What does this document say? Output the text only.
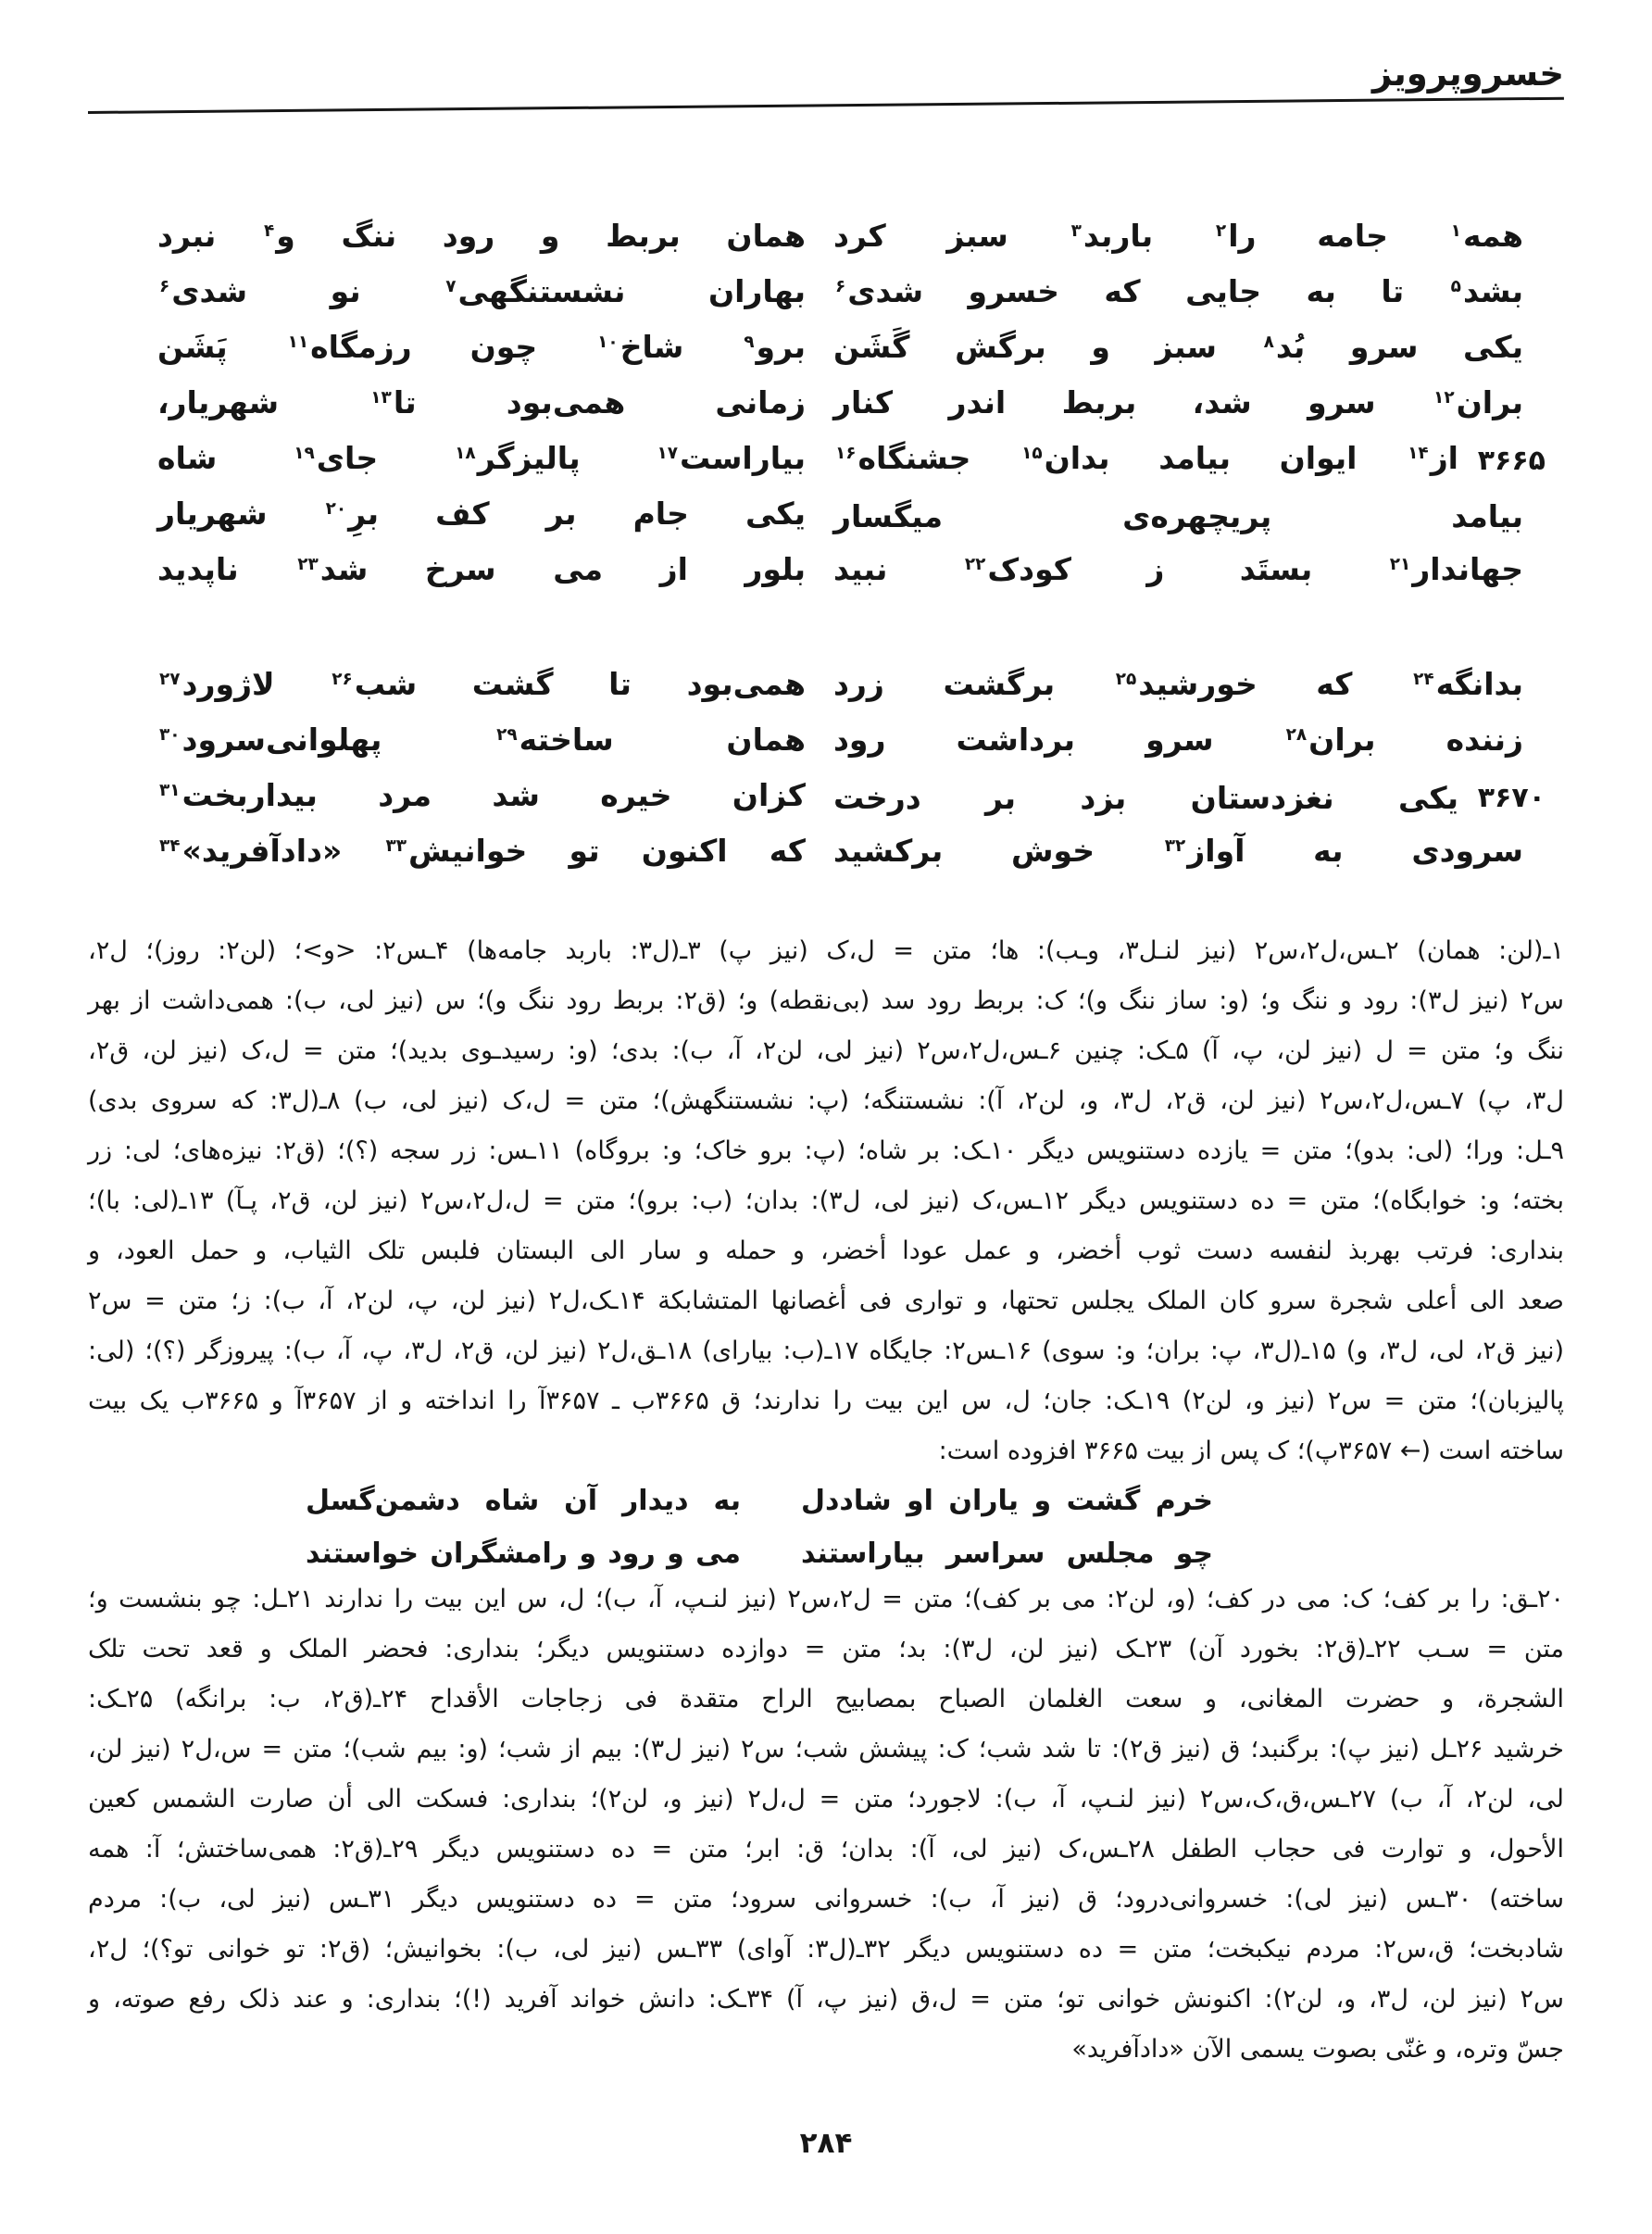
خسروپرویز
همه$^۱$ جامه را$^۲$ باربد$^۳$ سبز کرد
همان بربط و رود ننگ و$^۴$ نبرد
بشد$^۵$ تا به جایی که خسرو شدی$^۶$
بهاران نشستنگهی$^۷$ نو شدی$^۶$
یکی سرو بُد$^۸$ سبز و برگش گَشَن
برو$^۹$ شاخ$^{۱۰}$ چون رزمگاه$^{۱۱}$ پَشَن
بران$^{۱۲}$ سرو شد، بربط اندر کنار
زمانی همی‌بود تا$^{۱۳}$ شهریار،
۳۶۶۵
از$^{۱۴}$ ایوان بیامد بدان$^{۱۵}$ جشنگاه$^{۱۶}$
بیاراست$^{۱۷}$ پالیزگر$^{۱۸}$ جای$^{۱۹}$ شاه
بیامد پریچهره‌ی میگسار
یکی جام بر کف برِ$^{۲۰}$ شهریار
جهاندار$^{۲۱}$ بستَد ز کودک$^{۲۲}$ نبید
بلور از می سرخ شد$^{۲۳}$ ناپدید
بدانگه$^{۲۴}$ که خورشید$^{۲۵}$ برگشت زرد
همی‌بود تا گشت شب$^{۲۶}$ لاژورد$^{۲۷}$
زننده بران$^{۲۸}$ سرو برداشت رود
همان ساخته$^{۲۹}$ پهلوانی‌سرود$^{۳۰}$
۳۶۷۰
یکی نغزدستان بزد بر درخت
کزان خیره شد مرد بیداربخت$^{۳۱}$
سرودی به آواز$^{۳۲}$ خوش برکشید
که اکنون تو خوانیش$^{۳۳}$ «دادآفرید»$^{۳۴}$
۱ـ(لن: همان) ۲ـس،ل۲،س۲ (نیز لنـل۳، وـب): ها؛ متن = ل،ک (نیز پ) ۳ـ(ل۳: باربد جامه‌ها) ۴ـس۲: <و>؛ (لن۲: روز)؛ ل۲،
س۲ (نیز ل۳): رود و ننگ و؛ (و: ساز ننگ و)؛ ک: بربط رود سد (بی‌نقطه) و؛ (ق۲: بربط رود ننگ و)؛ س (نیز لی، ب): همی‌داشت از بهر
ننگ و؛ متن = ل (نیز لن، پ، آ) ۵ـک: چنین ۶ـس،ل۲،س۲ (نیز لی، لن۲، آ، ب): بدی؛ (و: رسیدـوی بدید)؛ متن = ل،ک (نیز لن، ق۲،
ل۳، پ) ۷ـس،ل۲،س۲ (نیز لن، ق۲، ل۳، و، لن۲، آ): نشستنگه؛ (پ: نشستنگهش)؛ متن = ل،ک (نیز لی، ب) ۸ـ(ل۳: که سروی بدی)
۹ـل: ورا؛ (لی: بدو)؛ متن = یازده دستنویس دیگر ۱۰ـک: بر شاه؛ (پ: برو خاک؛ و: بروگاه) ۱۱ـس: زر سجه (؟)؛ (ق۲: نیزه‌های؛ لی: زر
بخته؛ و: خوابگاه)؛ متن = ده دستنویس دیگر ۱۲ـس،ک (نیز لی، ل۳): بدان؛ (ب: برو)؛ متن = ل،ل۲،س۲ (نیز لن، ق۲، پـآ) ۱۳ـ(لی: با)؛
بنداری: فرتب بهربذ لنفسه دست ثوب أخضر، و عمل عودا أخضر، و حمله و سار الی البستان فلبس تلک الثیاب، و حمل العود، و
صعد الی أعلی شجرة سرو کان الملک یجلس تحتها، و تواری فی أغصانها المتشابکة ۱۴ـک،ل۲ (نیز لن، پ، لن۲، آ، ب): ز؛ متن = س۲
(نیز ق۲، لی، ل۳، و) ۱۵ـ(ل۳، پ: بران؛ و: سوی) ۱۶ـس۲: جایگاه ۱۷ـ(ب: بیارای) ۱۸ـق،ل۲ (نیز لن، ق۲، ل۳، پ، آ، ب): پیروزگر (؟)؛ (لی:
پالیزبان)؛ متن = س۲ (نیز و، لن۲) ۱۹ـک: جان؛ ل، س این بیت را ندارند؛ ق ۳۶۶۵ب ـ ۳۶۵۷آ را انداخته و از ۳۶۵۷آ و ۳۶۶۵ب یک بیت
ساخته است (← ۳۶۵۷پ)؛ ک پس از بیت ۳۶۶۵ افزوده است:
خرم گشت و یاران او شاددل
به دیدار آن شاه دشمن‌گسل
چو مجلس سراسر بیاراستند
می و رود و رامشگران خواستند
۲۰ـق: را بر کف؛ ک: می در کف؛ (و، لن۲: می بر کف)؛ متن = ل۲،س۲ (نیز لنـپ، آ، ب)؛ ل، س این بیت را ندارند ۲۱ـل: چو بنشست و؛
متن = سـب ۲۲ـ(ق۲: بخورد آن) ۲۳ـک (نیز لن، ل۳): بد؛ متن = دوازده دستنویس دیگر؛ بنداری: فحضر الملک و قعد تحت تلک
الشجرة، و حضرت المغانی، و سعت الغلمان الصباح بمصابیح الراح متقدة فی زجاجات الأقداح ۲۴ـ(ق۲، ب: برانگه) ۲۵ـک:
خرشید ۲۶ـل (نیز پ): برگنبد؛ ق (نیز ق۲): تا شد شب؛ ک: پیشش شب؛ س۲ (نیز ل۳): بیم از شب؛ (و: بیم شب)؛ متن = س،ل۲ (نیز لن،
لی، لن۲، آ، ب) ۲۷ـس،ق،ک،س۲ (نیز لنـپ، آ، ب): لاجورد؛ متن = ل،ل۲ (نیز و، لن۲)؛ بنداری: فسکت الی أن صارت الشمس کعین
الأحول، و توارت فی حجاب الطفل ۲۸ـس،ک (نیز لی، آ): بدان؛ ق: ابر؛ متن = ده دستنویس دیگر ۲۹ـ(ق۲: همی‌ساختش؛ آ: همه
ساخته) ۳۰ـس (نیز لی): خسروانی‌درود؛ ق (نیز آ، ب): خسروانی سرود؛ متن = ده دستنویس دیگر ۳۱ـس (نیز لی، ب): مردم
شادبخت؛ ق،س۲: مردم نیکبخت؛ متن = ده دستنویس دیگر ۳۲ـ(ل۳: آوای) ۳۳ـس (نیز لی، ب): بخوانیش؛ (ق۲: تو خوانی تو؟)؛ ل۲،
س۲ (نیز لن، ل۳، و، لن۲): اکنونش خوانی تو؛ متن = ل،ق (نیز پ، آ) ۳۴ـک: دانش خواند آفرید (!)؛ بنداری: و عند ذلک رفع صوته، و
جسّ وتره، و غنّی بصوت یسمی الآن «دادآفرید»
۲۸۴
